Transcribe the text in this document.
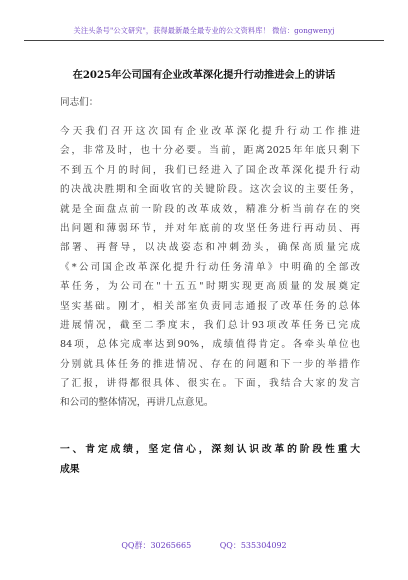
关注头条号"公文研究"，获得最新最全最专业的公文资料库！ 微信：gongwenyj
在2025年公司国有企业改革深化提升行动推进会上的讲话
同志们：
今天我们召开这次国有企业改革深化提升行动工作推进
会，非常及时，也十分必要。当前，距离2025年年底只剩下
不到五个月的时间，我们已经进入了国企改革深化提升行动
的决战决胜期和全面收官的关键阶段。这次会议的主要任务，
就是全面盘点前一阶段的改革成效，精准分析当前存在的突
出问题和薄弱环节，并对年底前的攻坚任务进行再动员、再
部署、再督导，以决战姿态和冲刺劲头，确保高质量完成
《*公司国企改革深化提升行动任务清单》中明确的全部改
革任务，为公司在"十五五"时期实现更高质量的发展奠定
坚实基础。刚才，相关部室负责同志通报了改革任务的总体
进展情况，截至二季度末，我们总计93项改革任务已完成
84项，总体完成率达到90%，成绩值得肯定。各牵头单位也
分别就具体任务的推进情况、存在的问题和下一步的举措作
了汇报，讲得都很具体、很实在。下面，我结合大家的发言
和公司的整体情况，再讲几点意见。
一、肯定成绩，坚定信心，深刻认识改革的阶段性重大
成果
QQ群：30265665	QQ：535304092
